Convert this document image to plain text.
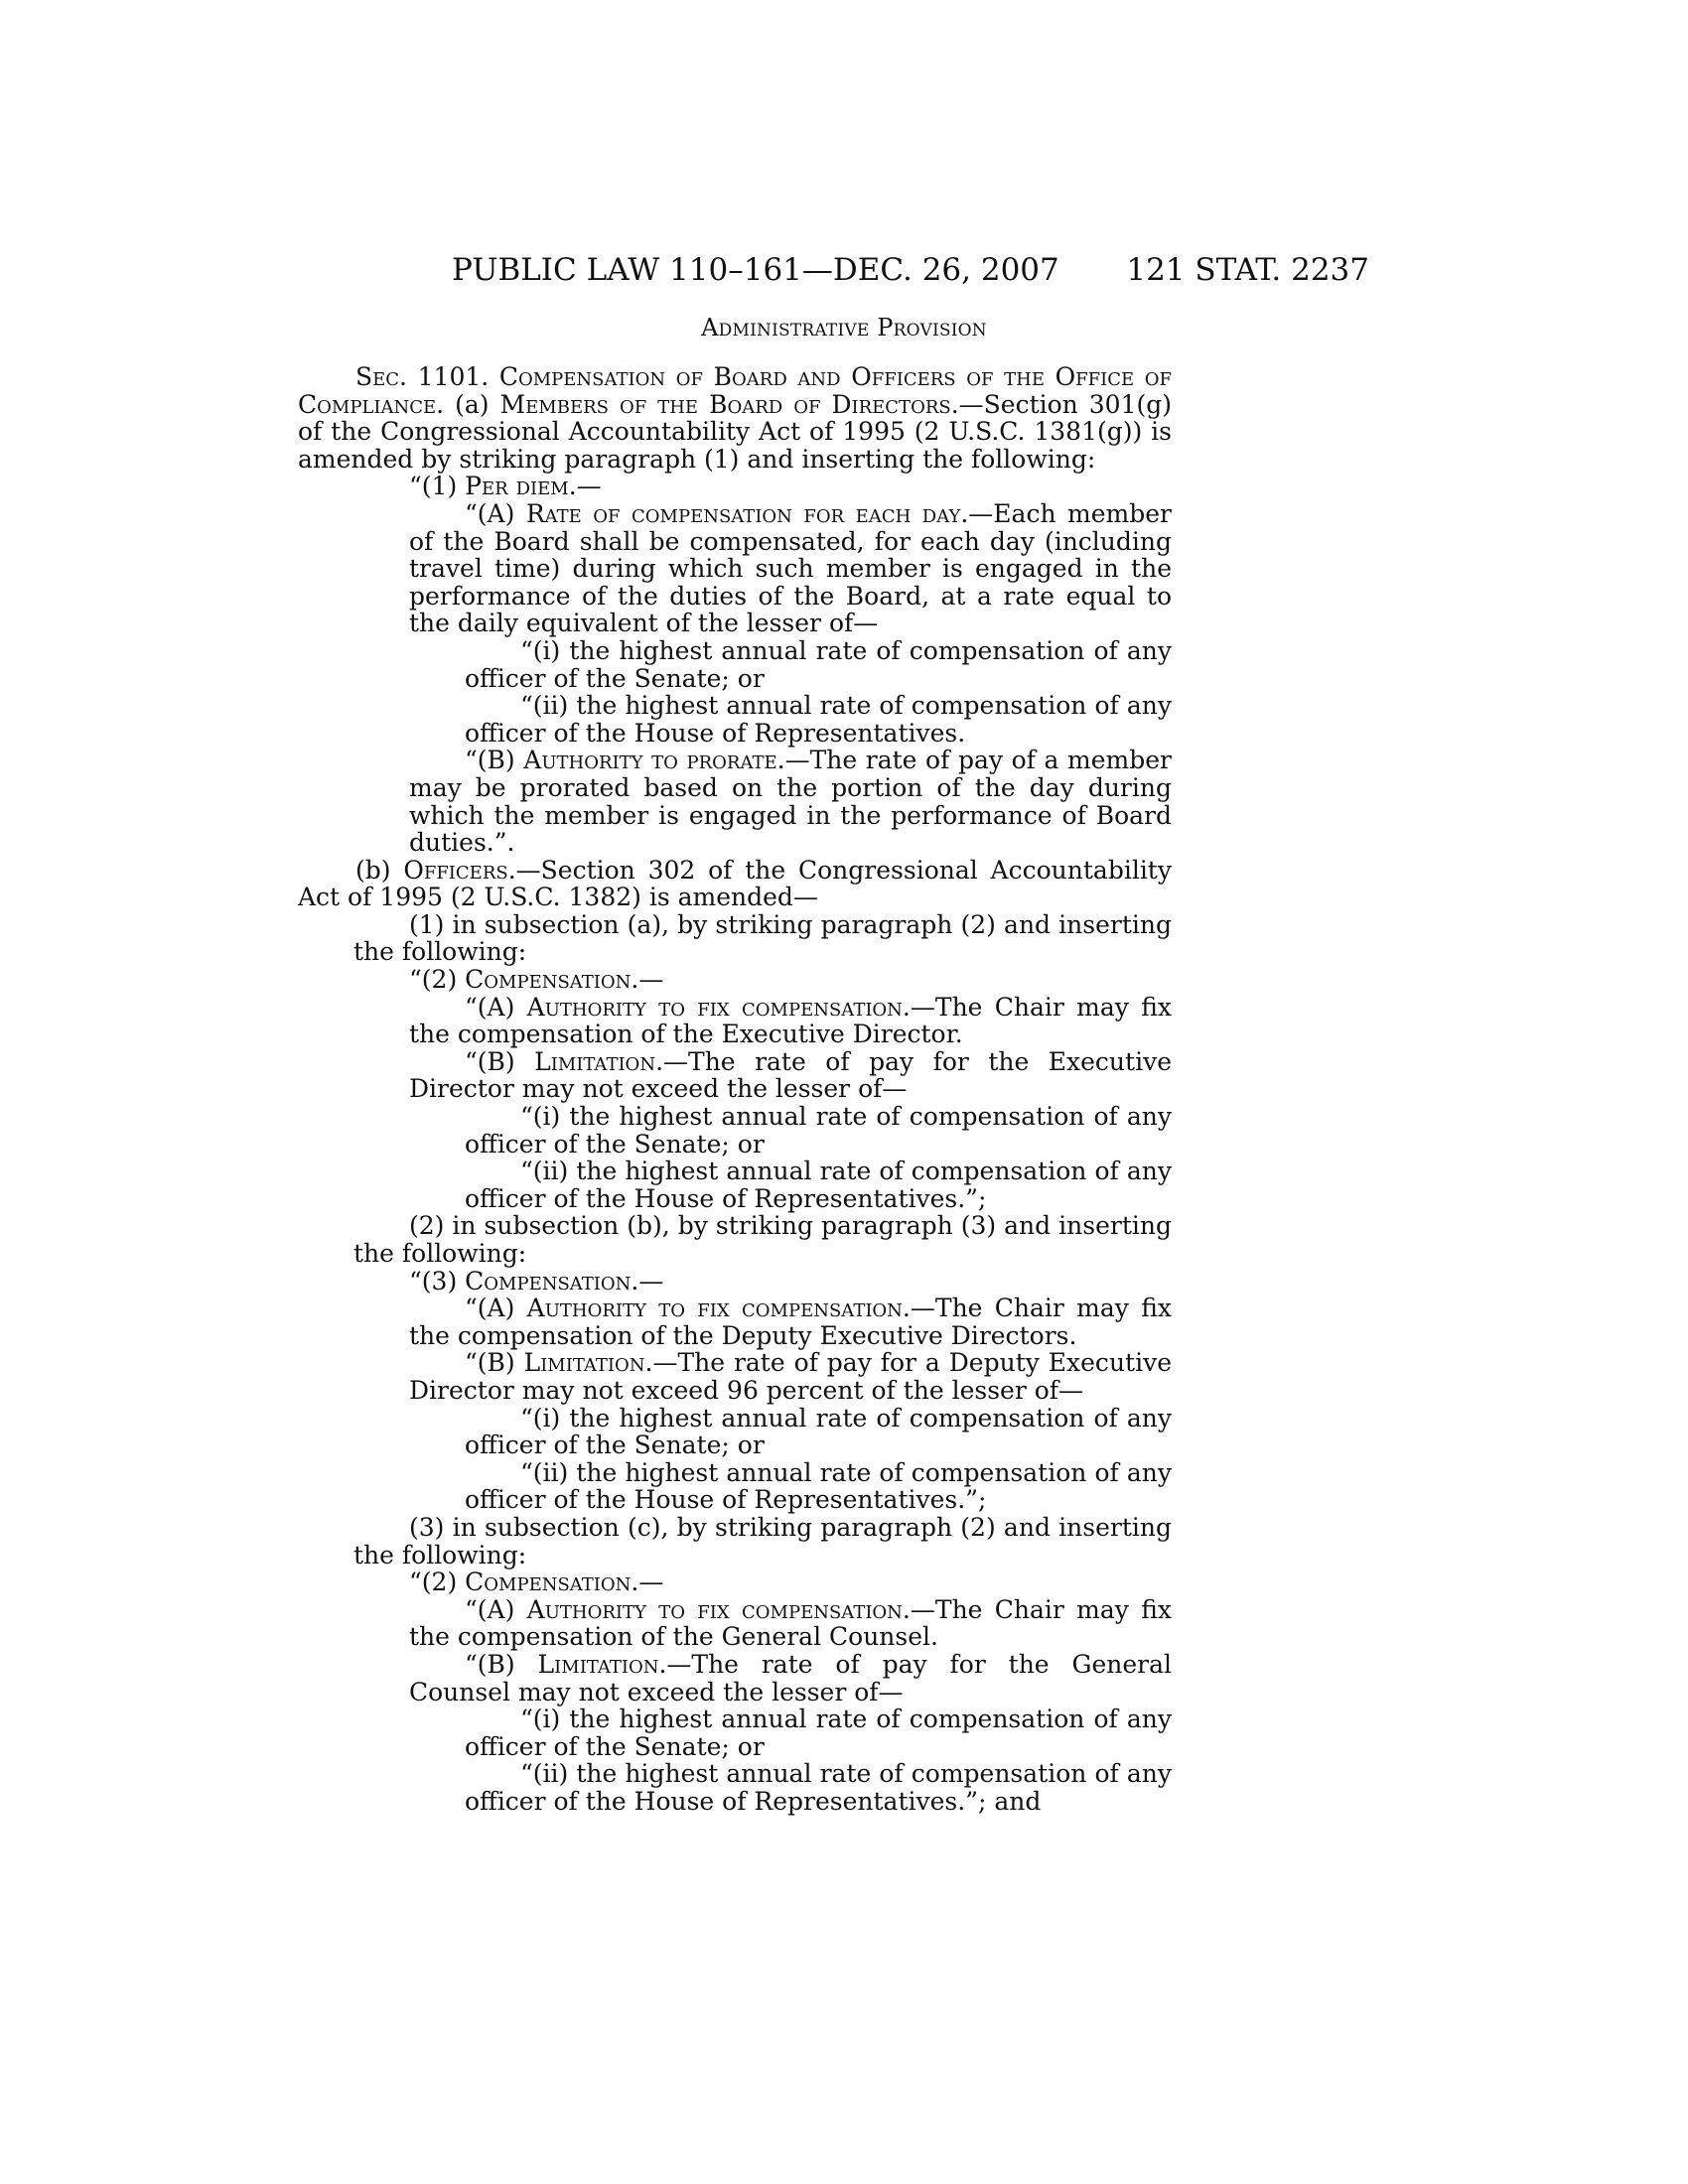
PUBLIC LAW 110–161—DEC. 26, 2007 121 STAT. 2237
Administrative Provision

Sec. 1101. Compensation of Board and Officers of the Office of Compliance. (a) Members of the Board of Directors.—Section 301(g) of the Congressional Accountability Act of 1995 (2 U.S.C. 1381(g)) is amended by striking paragraph (1) and inserting the following:

“(1) Per diem.—

“(A) Rate of compensation for each day.—Each member of the Board shall be compensated, for each day (including travel time) during which such member is engaged in the performance of the duties of the Board, at a rate equal to the daily equivalent of the lesser of—

“(i) the highest annual rate of compensation of any officer of the Senate; or

“(ii) the highest annual rate of compensation of any officer of the House of Representatives.

“(B) Authority to prorate.—The rate of pay of a member may be prorated based on the portion of the day during which the member is engaged in the performance of Board duties.”.

(b) Officers.—Section 302 of the Congressional Accountability Act of 1995 (2 U.S.C. 1382) is amended—

(1) in subsection (a), by striking paragraph (2) and inserting the following:

“(2) Compensation.—

“(A) Authority to fix compensation.—The Chair may fix the compensation of the Executive Director.

“(B) Limitation.—The rate of pay for the Executive Director may not exceed the lesser of—

“(i) the highest annual rate of compensation of any officer of the Senate; or

“(ii) the highest annual rate of compensation of any officer of the House of Representatives.”;

(2) in subsection (b), by striking paragraph (3) and inserting the following:

“(3) Compensation.—

“(A) Authority to fix compensation.—The Chair may fix the compensation of the Deputy Executive Directors.

“(B) Limitation.—The rate of pay for a Deputy Executive Director may not exceed 96 percent of the lesser of—

“(i) the highest annual rate of compensation of any officer of the Senate; or

“(ii) the highest annual rate of compensation of any officer of the House of Representatives.”;

(3) in subsection (c), by striking paragraph (2) and inserting the following:

“(2) Compensation.—

“(A) Authority to fix compensation.—The Chair may fix the compensation of the General Counsel.

“(B) Limitation.—The rate of pay for the General Counsel may not exceed the lesser of—

“(i) the highest annual rate of compensation of any officer of the Senate; or

“(ii) the highest annual rate of compensation of any officer of the House of Representatives.”; and
